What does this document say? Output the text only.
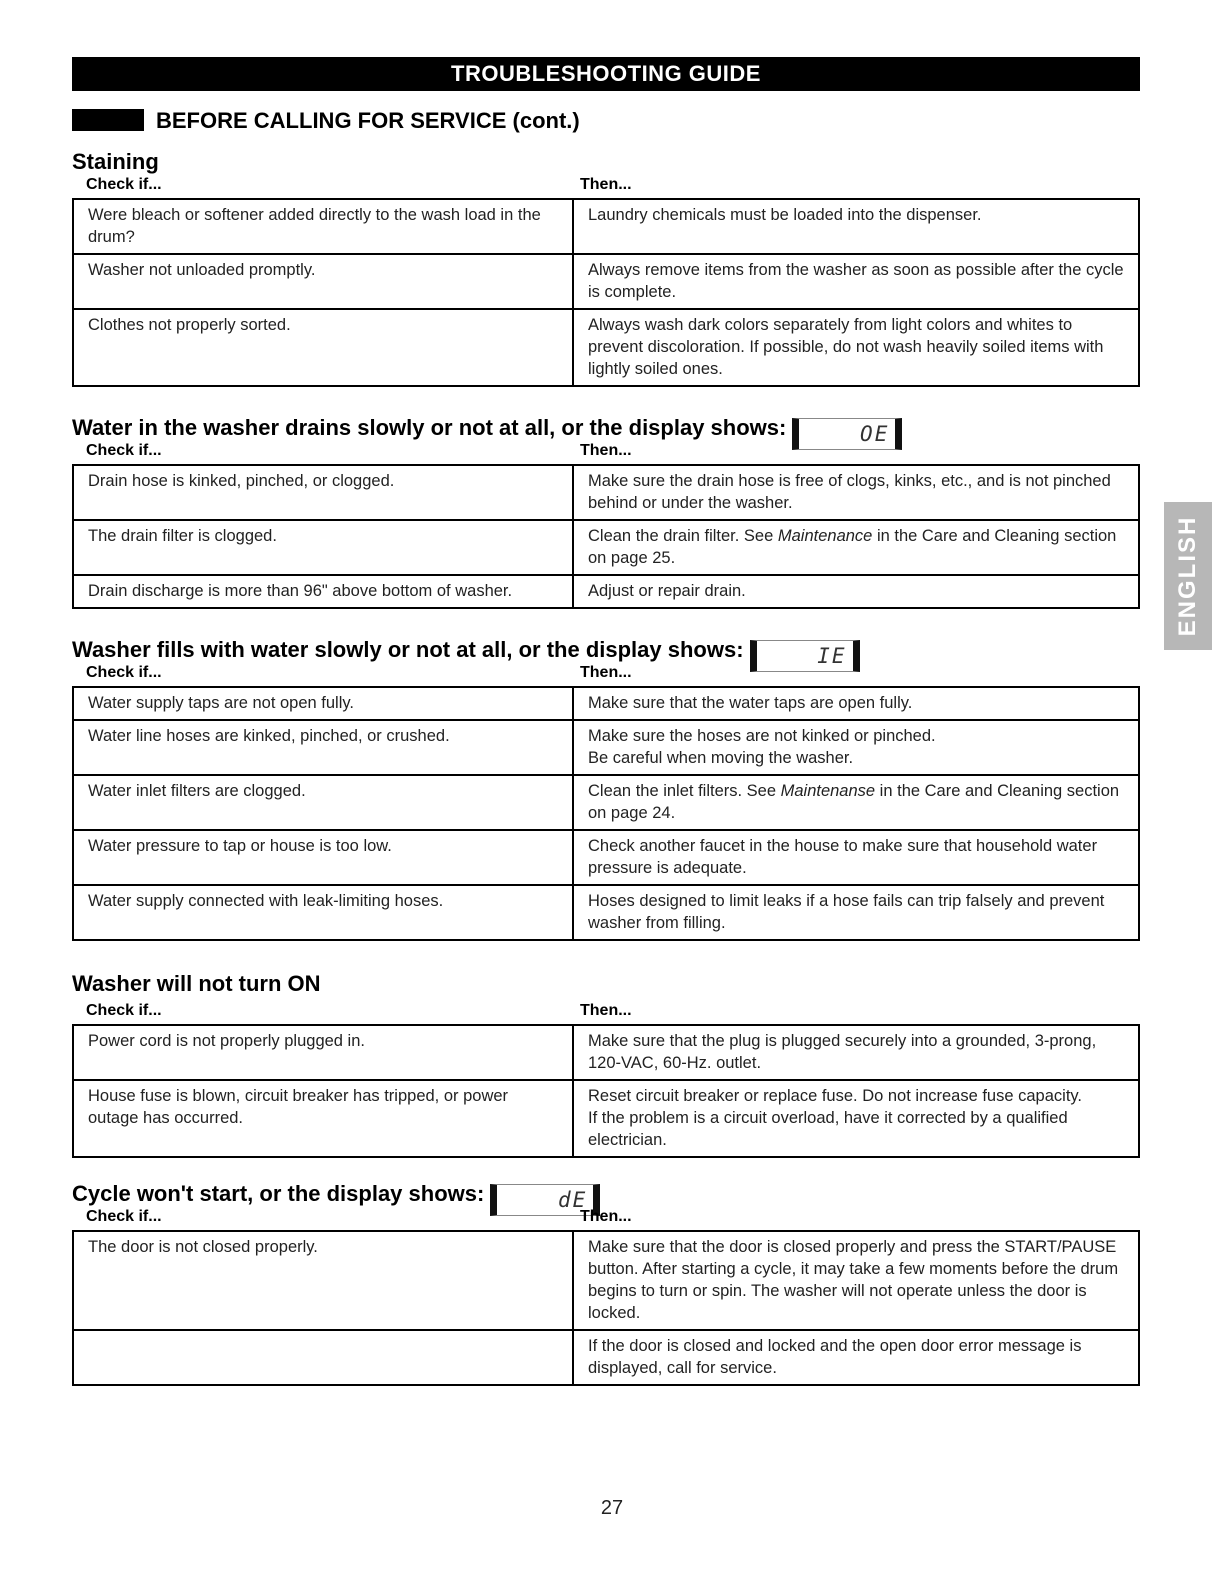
TROUBLESHOOTING GUIDE
BEFORE CALLING FOR SERVICE (cont.)
Staining
Check if...	Then...
Were bleach or softener added directly to the wash load in the drum?	Laundry chemicals must be loaded into the dispenser.
Washer not unloaded promptly.	Always remove items from the washer as soon as possible after the cycle is complete.
Clothes not properly sorted.	Always wash dark colors separately from light colors and whites to prevent discoloration. If possible, do not wash heavily soiled items with lightly soiled ones.
Water in the washer drains slowly or not at all, or the display shows:	OE
Check if...	Then...
Drain hose is kinked, pinched, or clogged.	Make sure the drain hose is free of clogs, kinks, etc., and is not pinched behind or under the washer.
The drain filter is clogged.	Clean the drain filter. See Maintenance in the Care and Cleaning section on page 25.
Drain discharge is more than 96" above bottom of washer.	Adjust or repair drain.
Washer fills with water slowly or not at all, or the display shows:	IE
Check if...	Then...
Water supply taps are not open fully.	Make sure that the water taps are open fully.
Water line hoses are kinked, pinched, or crushed.	Make sure the hoses are not kinked or pinched.
Be careful when moving the washer.

Water inlet filters are clogged.	Clean the inlet filters. See Maintenanse in the Care and Cleaning section on page 24.
Water pressure to tap or house is too low.	Check another faucet in the house to make sure that household water pressure is adequate.
Water supply connected with leak-limiting hoses.	Hoses designed to limit leaks if a hose fails can trip falsely and prevent washer from filling.
Washer will not turn ON
Check if...	Then...
Power cord is not properly plugged in.	Make sure that the plug is plugged securely into a grounded, 3-prong, 120-VAC, 60-Hz. outlet.
House fuse is blown, circuit breaker has tripped, or power outage has occurred.	Reset circuit breaker or replace fuse. Do not increase fuse capacity.
If the problem is a circuit overload, have it corrected by a qualified electrician.
Cycle won't start, or the display shows:	dE
Check if...	Then...
The door is not closed properly.	Make sure that the door is closed properly and press the START/PAUSE button. After starting a cycle, it may take a few moments before the drum begins to turn or spin. The washer will not operate unless the door is locked.
	If the door is closed and locked and the open door error message is displayed, call for service.
ENGLISH
27
